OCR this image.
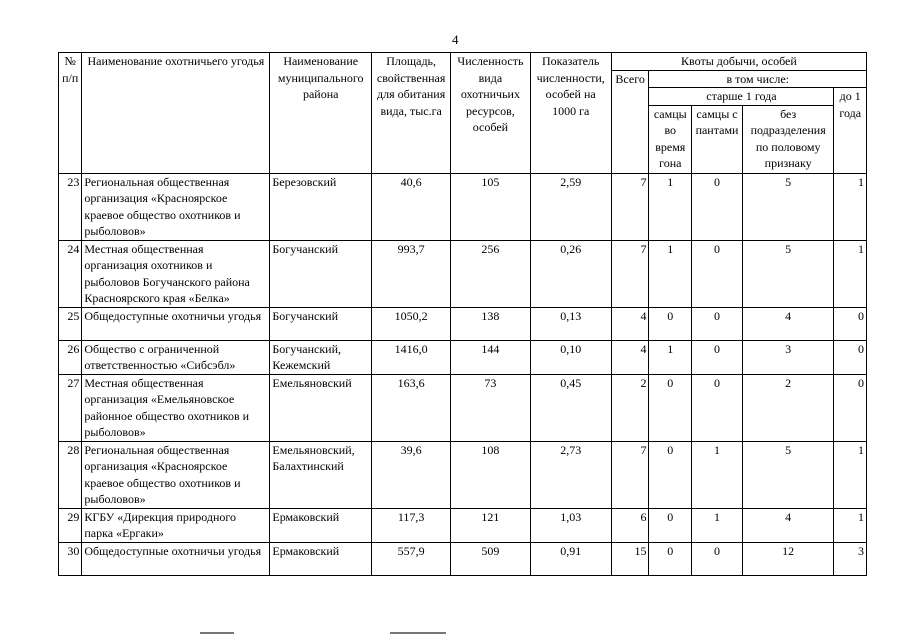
4
№ п/п	Наименование охотничьего угодья	Наименование муниципального района	Площадь, свойственная для обитания вида, тыс.га	Численность вида охотничьих ресурсов, особей	Показатель численности, особей на 1000 га	Квоты добычи, особей				
						Всего	в том числе:			
							старше 1 года			до 1 года
							самцы во время гона	самцы с пантами	без подразделения по половому признаку	
23	Региональная общественная организация «Красноярское краевое общество охотников и рыболовов»	Березовский	40,6	105	2,59	7	1	0	5	1
24	Местная общественная организация охотников и рыболовов Богучанского района Красноярского края «Белка»	Богучанский	993,7	256	0,26	7	1	0	5	1
25	Общедоступные охотничьи угодья	Богучанский	1050,2	138	0,13	4	0	0	4	0
26	Общество с ограниченной ответственностью «Сибсэбл»	Богучанский, Кежемский	1416,0	144	0,10	4	1	0	3	0
27	Местная общественная организация «Емельяновское районное общество охотников и рыболовов»	Емельяновский	163,6	73	0,45	2	0	0	2	0
28	Региональная общественная организация «Красноярское краевое общество охотников и рыболовов»	Емельяновский, Балахтинский	39,6	108	2,73	7	0	1	5	1
29	КГБУ «Дирекция природного парка «Ергаки»	Ермаковский	117,3	121	1,03	6	0	1	4	1
30	Общедоступные охотничьи угодья	Ермаковский	557,9	509	0,91	15	0	0	12	3
